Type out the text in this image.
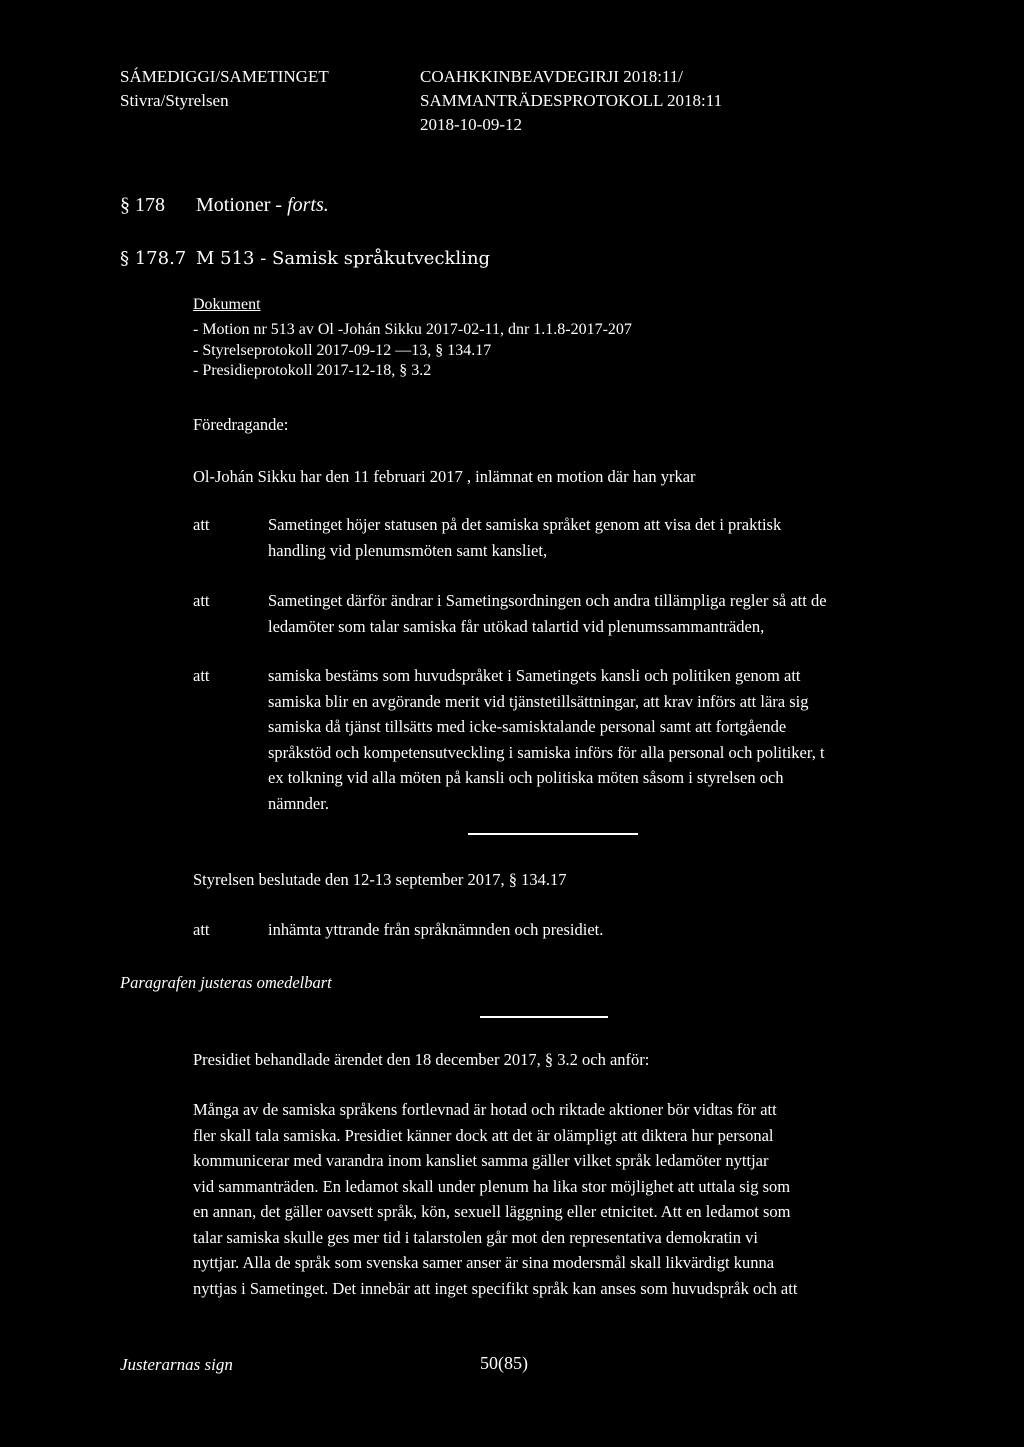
SÁMEDIGGI/SAMETINGET
Stivra/Styrelsen
COAHKKINBEAVDEGIRJI 2018:11/
SAMMANTRÄDESPROTOKOLL 2018:11
2018-10-09-12
§ 178 Motioner - forts.
§ 178.7 M 513 - Samisk språkutveckling
Dokument
- Motion nr 513 av Ol -Johán Sikku 2017-02-11, dnr 1.1.8-2017-207
- Styrelseprotokoll 2017-09-12 —13, § 134.17
- Presidieprotokoll 2017-12-18, § 3.2
Föredragande:
Ol-Johán Sikku har den 11 februari 2017 , inlämnat en motion där han yrkar
att	Sametinget höjer statusen på det samiska språket genom att visa det i praktisk
handling vid plenumsmöten samt kansliet,
att	Sametinget därför ändrar i Sametingsordningen och andra tillämpliga regler så att de
ledamöter som talar samiska får utökad talartid vid plenumssammanträden,
att	samiska bestäms som huvudspråket i Sametingets kansli och politiken genom att
samiska blir en avgörande merit vid tjänstetillsättningar, att krav införs att lära sig
samiska då tjänst tillsätts med icke-samisktalande personal samt att fortgående
språkstöd och kompetensutveckling i samiska införs för alla personal och politiker, t
ex tolkning vid alla möten på kansli och politiska möten såsom i styrelsen och
nämnder.
Styrelsen beslutade den 12-13 september 2017, § 134.17
att	inhämta yttrande från språknämnden och presidiet.
Paragrafen justeras omedelbart
Presidiet behandlade ärendet den 18 december 2017, § 3.2 och anför:
Många av de samiska språkens fortlevnad är hotad och riktade aktioner bör vidtas för att
fler skall tala samiska. Presidiet känner dock att det är olämpligt att diktera hur personal
kommunicerar med varandra inom kansliet samma gäller vilket språk ledamöter nyttjar
vid sammanträden. En ledamot skall under plenum ha lika stor möjlighet att uttala sig som
en annan, det gäller oavsett språk, kön, sexuell läggning eller etnicitet. Att en ledamot som
talar samiska skulle ges mer tid i talarstolen går mot den representativa demokratin vi
nyttjar. Alla de språk som svenska samer anser är sina modersmål skall likvärdigt kunna
nyttjas i Sametinget. Det innebär att inget specifikt språk kan anses som huvudspråk och att
Justerarnas sign	50(85)
